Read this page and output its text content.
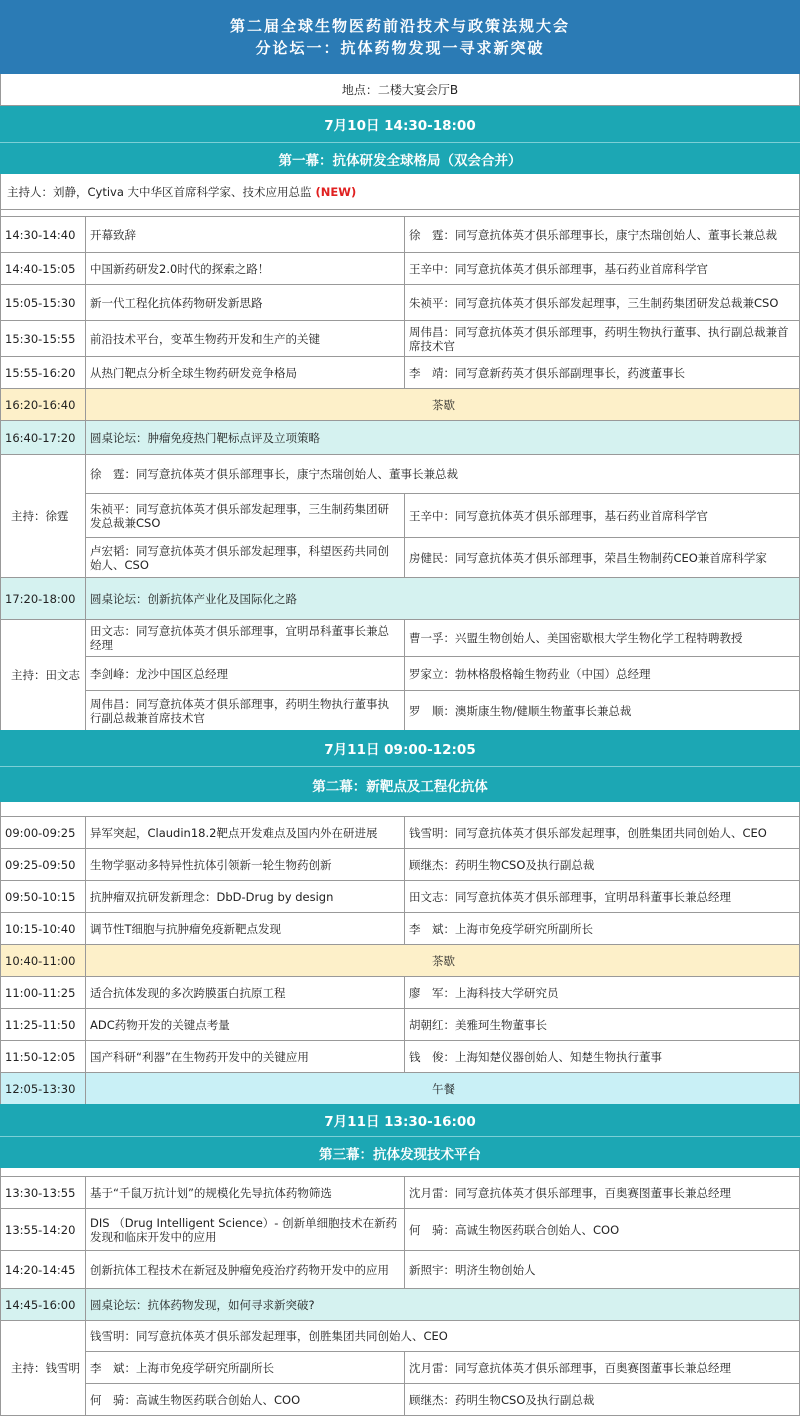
第二届全球生物医药前沿技术与政策法规大会
分论坛一：抗体药物发现一寻求新突破
地点：二楼大宴会厅B
7月10日 14:30-18:00
第一幕：抗体研发全球格局（双会合并）
主持人：刘静，Cytiva 大中华区首席科学家、技术应用总监 (NEW)
14:30-14:40	开幕致辞	徐　霆：同写意抗体英才俱乐部理事长，康宁杰瑞创始人、董事长兼总裁
14:40-15:05	中国新药研发2.0时代的探索之路！	王辛中：同写意抗体英才俱乐部理事，基石药业首席科学官
15:05-15:30	新一代工程化抗体药物研发新思路	朱祯平：同写意抗体英才俱乐部发起理事，三生制药集团研发总裁兼CSO
15:30-15:55	前沿技术平台，变革生物药开发和生产的关键	周伟昌：同写意抗体英才俱乐部理事，药明生物执行董事、执行副总裁兼首席技术官
15:55-16:20	从热门靶点分析全球生物药研发竞争格局	李　靖：同写意新药英才俱乐部副理事长，药渡董事长
16:20-16:40	茶歇
16:40-17:20	圆桌论坛：肿瘤免疫热门靶标点评及立项策略
主持：徐霆
徐　霆：同写意抗体英才俱乐部理事长，康宁杰瑞创始人、董事长兼总裁
朱祯平：同写意抗体英才俱乐部发起理事，三生制药集团研发总裁兼CSO	王辛中：同写意抗体英才俱乐部理事，基石药业首席科学官
卢宏韬：同写意抗体英才俱乐部发起理事，科望医药共同创始人、CSO	房健民：同写意抗体英才俱乐部理事，荣昌生物制药CEO兼首席科学家
17:20-18:00	圆桌论坛：创新抗体产业化及国际化之路
主持：田文志
田文志：同写意抗体英才俱乐部理事，宜明昂科董事长兼总经理	曹一孚：兴盟生物创始人、美国密歇根大学生物化学工程特聘教授
李剑峰：龙沙中国区总经理	罗家立：勃林格殷格翰生物药业（中国）总经理
周伟昌：同写意抗体英才俱乐部理事，药明生物执行董事执行副总裁兼首席技术官	罗　顺：澳斯康生物/健顺生物董事长兼总裁
7月11日 09:00-12:05
第二幕：新靶点及工程化抗体
09:00-09:25	异军突起，Claudin18.2靶点开发难点及国内外在研进展	钱雪明：同写意抗体英才俱乐部发起理事，创胜集团共同创始人、CEO
09:25-09:50	生物学驱动多特异性抗体引领新一轮生物药创新	顾继杰：药明生物CSO及执行副总裁
09:50-10:15	抗肿瘤双抗研发新理念：DbD-Drug by design	田文志：同写意抗体英才俱乐部理事，宜明昂科董事长兼总经理
10:15-10:40	调节性T细胞与抗肿瘤免疫新靶点发现	李　斌：上海市免疫学研究所副所长
10:40-11:00	茶歇
11:00-11:25	适合抗体发现的多次跨膜蛋白抗原工程	廖　军：上海科技大学研究员
11:25-11:50	ADC药物开发的关键点考量	胡朝红：美雅珂生物董事长
11:50-12:05	国产科研“利器”在生物药开发中的关键应用	钱　俊：上海知楚仪器创始人、知楚生物执行董事
12:05-13:30	午餐
7月11日 13:30-16:00
第三幕：抗体发现技术平台
13:30-13:55	基于“千鼠万抗计划”的规模化先导抗体药物筛选	沈月雷：同写意抗体英才俱乐部理事，百奥赛图董事长兼总经理
13:55-14:20	DIS （Drug Intelligent Science）- 创新单细胞技术在新药发现和临床开发中的应用	何　骑：高诚生物医药联合创始人、COO
14:20-14:45	创新抗体工程技术在新冠及肿瘤免疫治疗药物开发中的应用	新照宇：明济生物创始人
14:45-16:00	圆桌论坛：抗体药物发现，如何寻求新突破?
主持：钱雪明
钱雪明：同写意抗体英才俱乐部发起理事，创胜集团共同创始人、CEO
李　斌：上海市免疫学研究所副所长	沈月雷：同写意抗体英才俱乐部理事，百奥赛图董事长兼总经理
何　骑：高诚生物医药联合创始人、COO	顾继杰：药明生物CSO及执行副总裁
